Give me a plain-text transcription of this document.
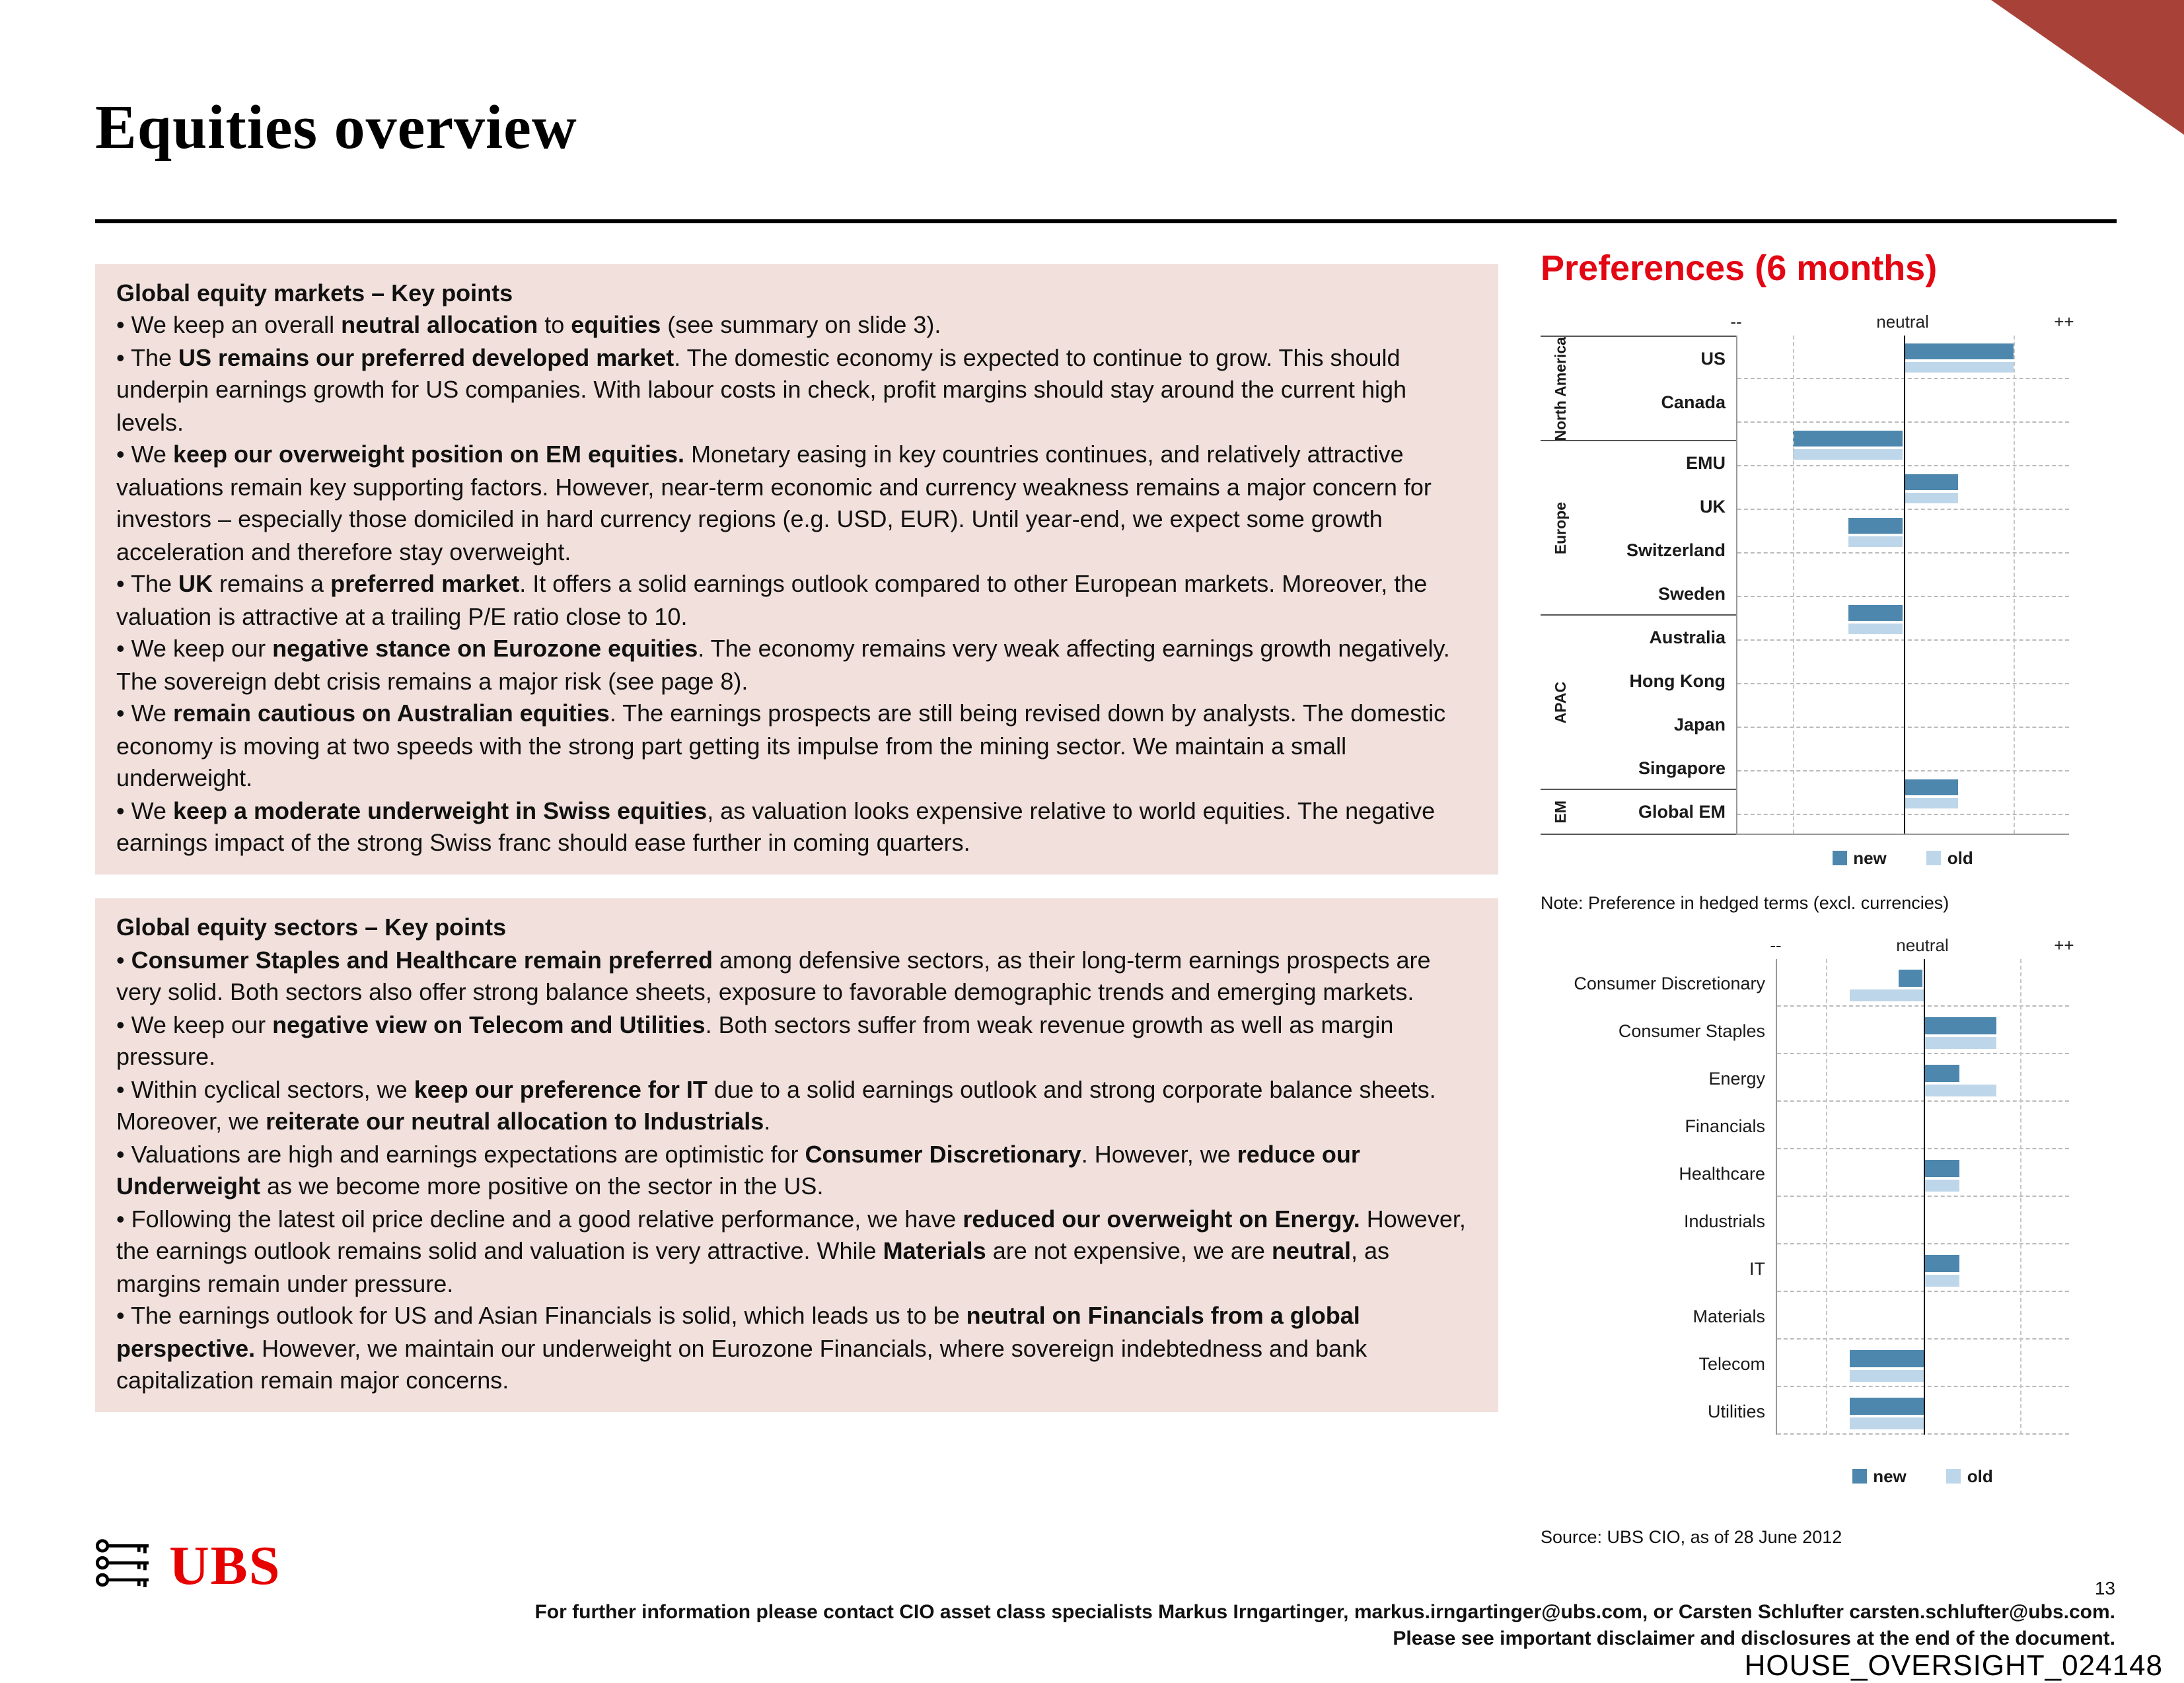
Equities overview
Global equity markets – Key points
• We keep an overall neutral allocation to equities (see summary on slide 3).
• The US remains our preferred developed market. The domestic economy is expected to continue to grow. This should underpin earnings growth for US companies. With labour costs in check, profit margins should stay around the current high levels.
• We keep our overweight position on EM equities. Monetary easing in key countries continues, and relatively attractive valuations remain key supporting factors. However, near-term economic and currency weakness remains a major concern for investors – especially those domiciled in hard currency regions (e.g. USD, EUR). Until year-end, we expect some growth acceleration and therefore stay overweight.
• The UK remains a preferred market. It offers a solid earnings outlook compared to other European markets. Moreover, the valuation is attractive at a trailing P/E ratio close to 10.
• We keep our negative stance on Eurozone equities. The economy remains very weak affecting earnings growth negatively. The sovereign debt crisis remains a major risk (see page 8).
• We remain cautious on Australian equities. The earnings prospects are still being revised down by analysts. The domestic economy is moving at two speeds with the strong part getting its impulse from the mining sector. We maintain a small underweight.
• We keep a moderate underweight in Swiss equities, as valuation looks expensive relative to world equities. The negative earnings impact of the strong Swiss franc should ease further in coming quarters.
Global equity sectors – Key points
• Consumer Staples and Healthcare remain preferred among defensive sectors, as their long-term earnings prospects are very solid. Both sectors also offer strong balance sheets, exposure to favorable demographic trends and emerging markets.
• We keep our negative view on Telecom and Utilities. Both sectors suffer from weak revenue growth as well as margin pressure.
• Within cyclical sectors, we keep our preference for IT due to a solid earnings outlook and strong corporate balance sheets. Moreover, we reiterate our neutral allocation to Industrials.
• Valuations are high and earnings expectations are optimistic for Consumer Discretionary. However, we reduce our Underweight as we become more positive on the sector in the US.
• Following the latest oil price decline and a good relative performance, we have reduced our overweight on Energy. However, the earnings outlook remains solid and valuation is very attractive. While Materials are not expensive, we are neutral, as margins remain under pressure.
• The earnings outlook for US and Asian Financials is solid, which leads us to be neutral on Financials from a global perspective. However, we maintain our underweight on Eurozone Financials, where sovereign indebtedness and bank capitalization remain major concerns.
Preferences (6 months)
--	neutral	++
North America	US
Canada
Europe
EMU
UK
Switzerland
Sweden
APAC
Australia
Hong Kong
Japan
Singapore
EM	Global EM
new	old
Note: Preference in hedged terms (excl. currencies)
--	neutral	++
Consumer Discretionary
Consumer Staples
Energy
Financials
Healthcare
Industrials
IT
Materials
Telecom
Utilities
new	old
Source: UBS CIO, as of 28 June 2012
UBS	13
For further information please contact CIO asset class specialists Markus Irngartinger, markus.irngartinger@ubs.com, or Carsten Schlufter carsten.schlufter@ubs.com.
Please see important disclaimer and disclosures at the end of the document.
HOUSE_OVERSIGHT_024148
